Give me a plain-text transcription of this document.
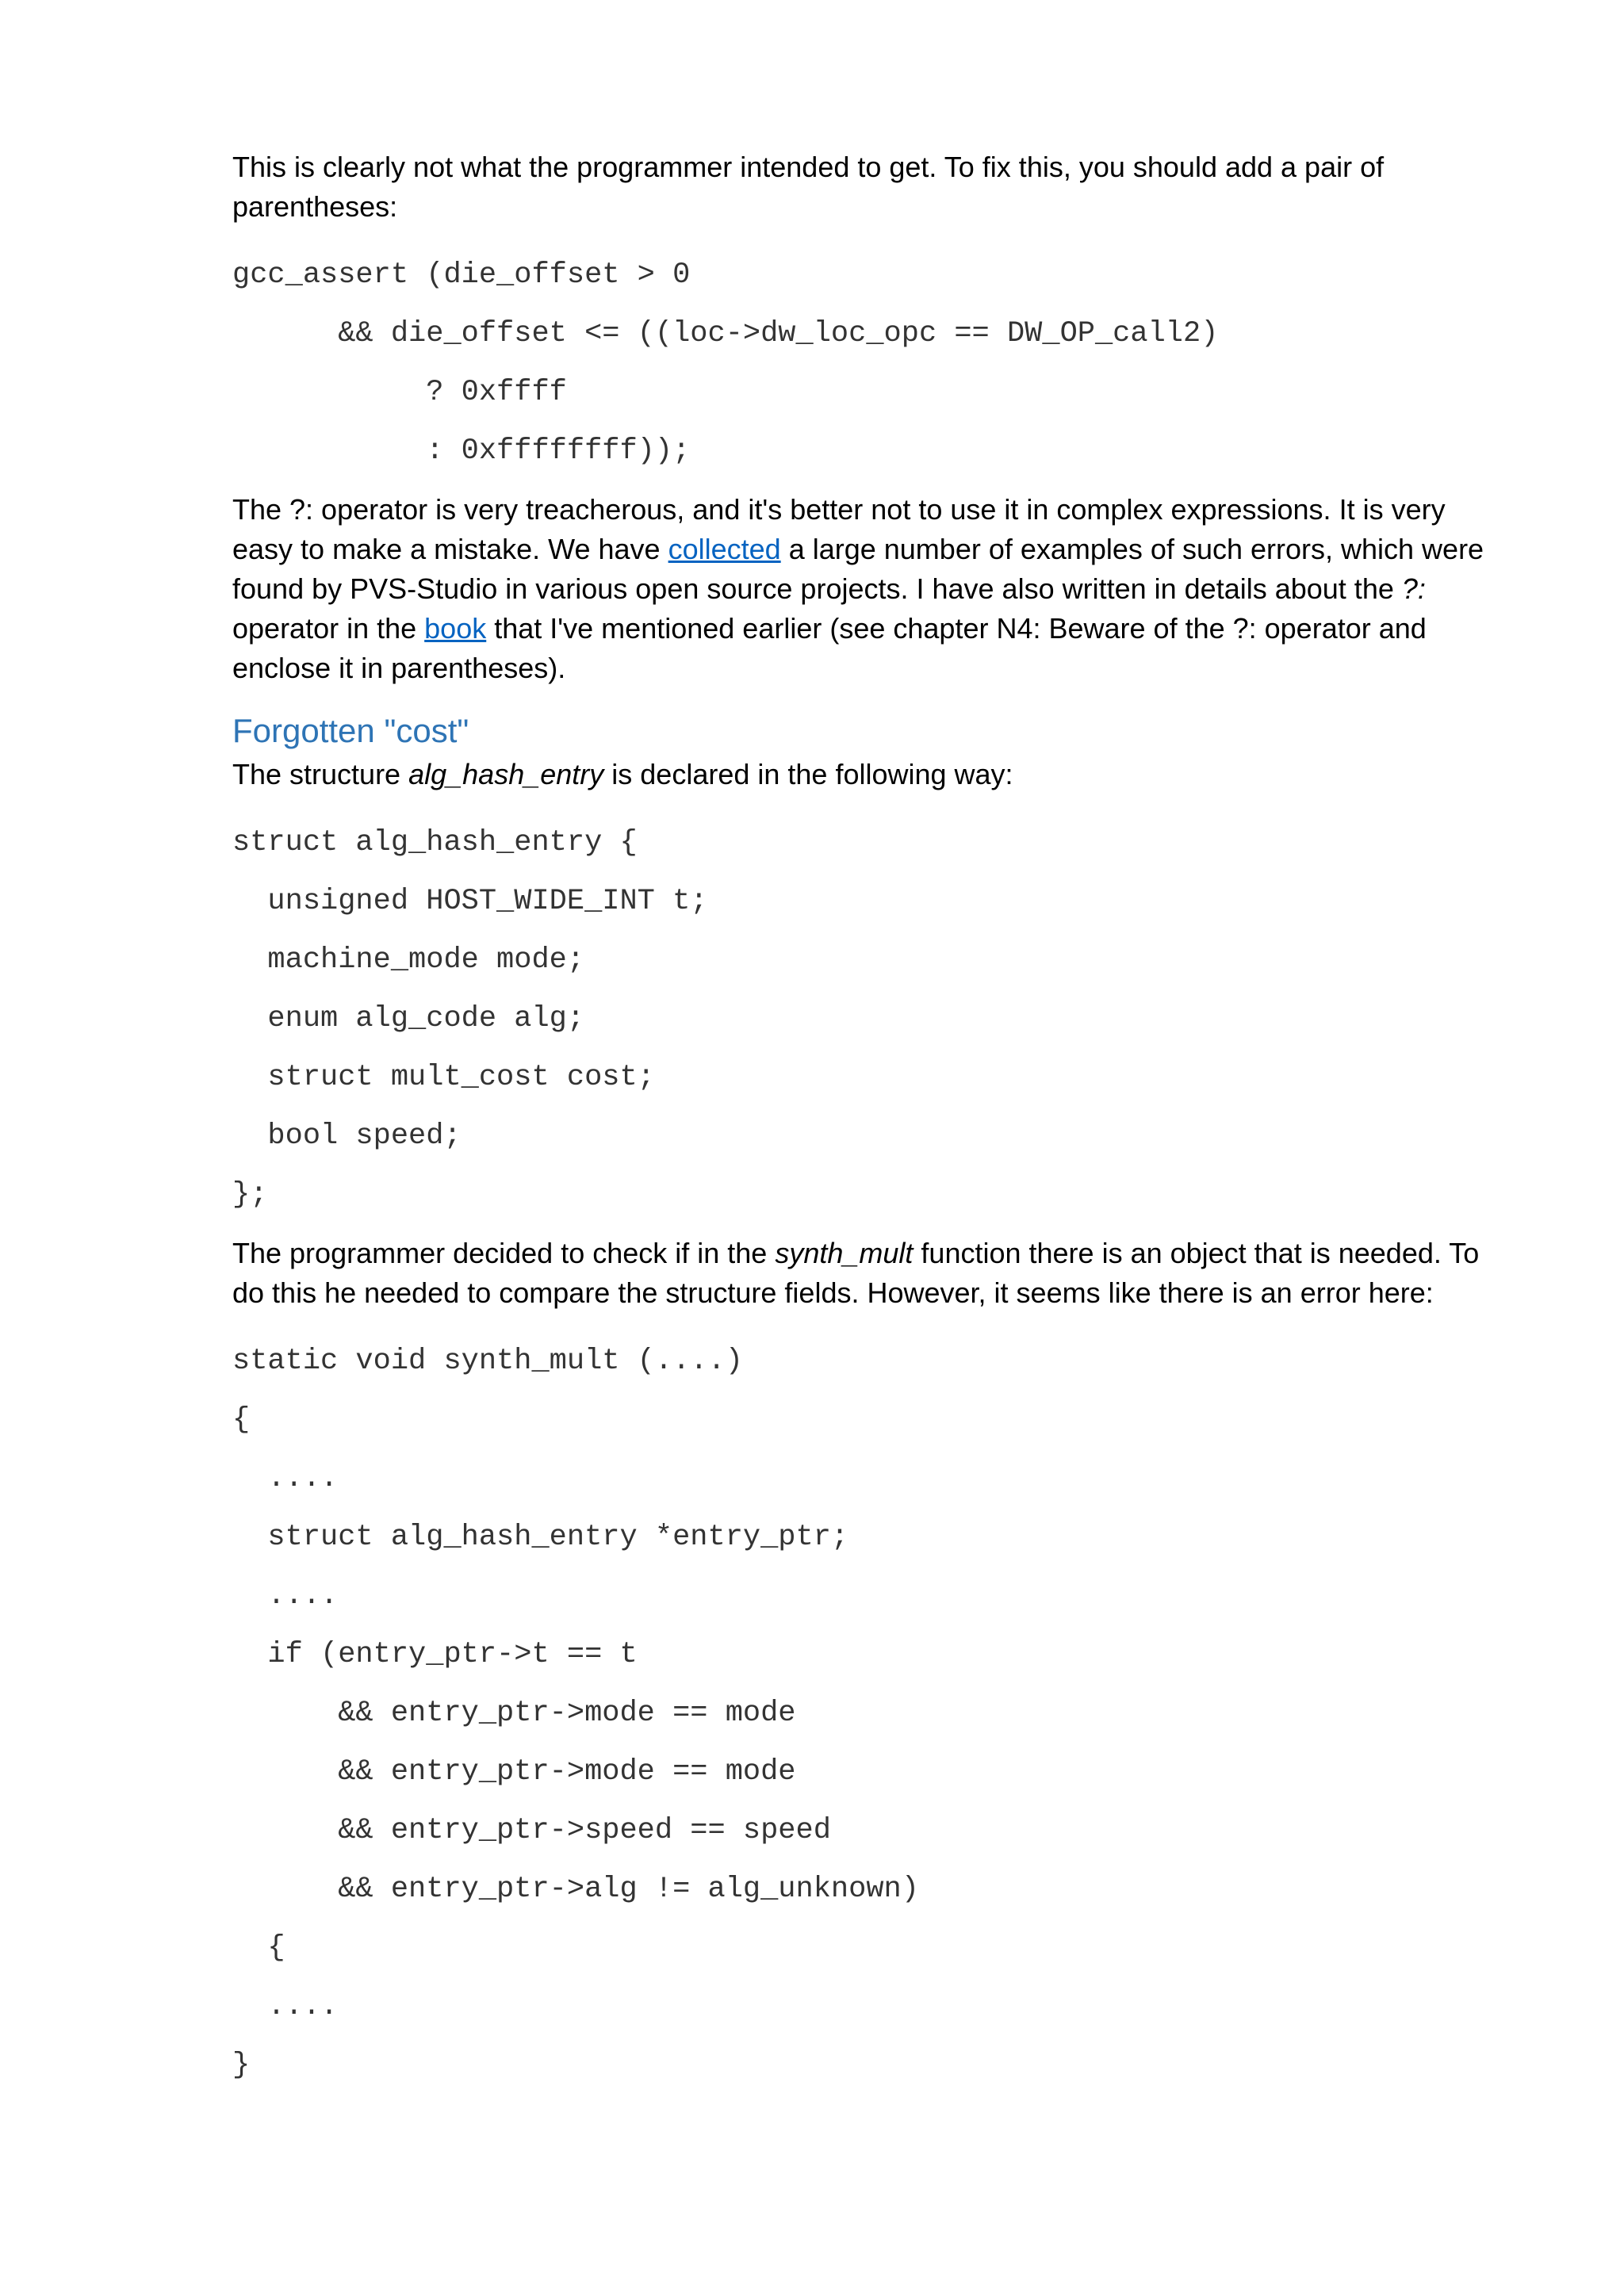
This is clearly not what the programmer intended to get. To fix this, you should add a pair of parentheses:

gcc_assert (die_offset > 0
&& die_offset <= ((loc->dw_loc_opc == DW_OP_call2)
? 0xffff
: 0xffffffff));

The ?: operator is very treacherous, and it's better not to use it in complex expressions. It is very easy to make a mistake. We have collected a large number of examples of such errors, which were found by PVS-Studio in various open source projects. I have also written in details about the ?: operator in the book that I've mentioned earlier (see chapter N4: Beware of the ?: operator and enclose it in parentheses).

Forgotten "cost"

The structure alg_hash_entry is declared in the following way:

struct alg_hash_entry {
unsigned HOST_WIDE_INT t;
machine_mode mode;
enum alg_code alg;
struct mult_cost cost;
bool speed;
};

The programmer decided to check if in the synth_mult function there is an object that is needed. To do this he needed to compare the structure fields. However, it seems like there is an error here:

static void synth_mult (....)
{
....
struct alg_hash_entry *entry_ptr;
....
if (entry_ptr->t == t
&& entry_ptr->mode == mode
&& entry_ptr->mode == mode
&& entry_ptr->speed == speed
&& entry_ptr->alg != alg_unknown)
{
....
}
